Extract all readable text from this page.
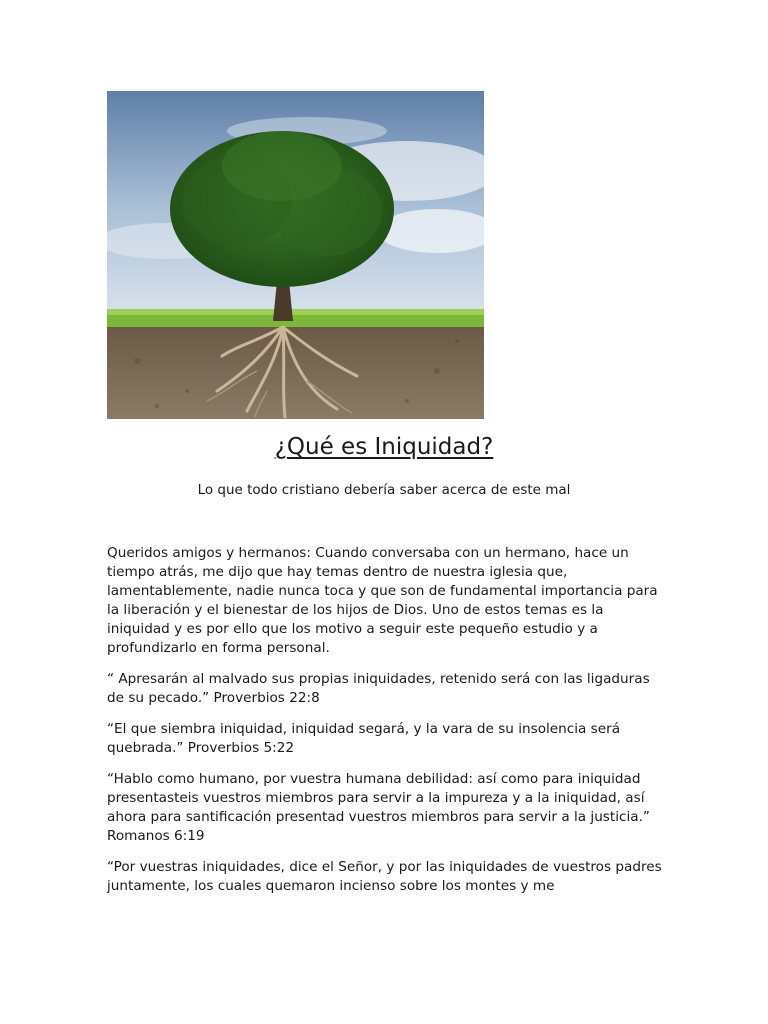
¿Qué es Iniquidad?

Lo que todo cristiano debería saber acerca de este mal

Queridos amigos y hermanos: Cuando conversaba con un hermano, hace un tiempo atrás, me dijo que hay temas dentro de nuestra iglesia que, lamentablemente, nadie nunca toca y que son de fundamental importancia para la liberación y el bienestar de los hijos de Dios. Uno de estos temas es la iniquidad y es por ello que los motivo a seguir este pequeño estudio y a profundizarlo en forma personal.

“ Apresarán al malvado sus propias iniquidades, retenido será con las ligaduras de su pecado.” Proverbios 22:8

“El que siembra iniquidad, iniquidad segará, y la vara de su insolencia será quebrada.” Proverbios 5:22

“Hablo como humano, por vuestra humana debilidad: así como para iniquidad presentasteis vuestros miembros para servir a la impureza y a la iniquidad, así ahora para santificación presentad vuestros miembros para servir a la justicia.” Romanos 6:19

“Por vuestras iniquidades, dice el Señor, y por las iniquidades de vuestros padres juntamente, los cuales quemaron incienso sobre los montes y me
